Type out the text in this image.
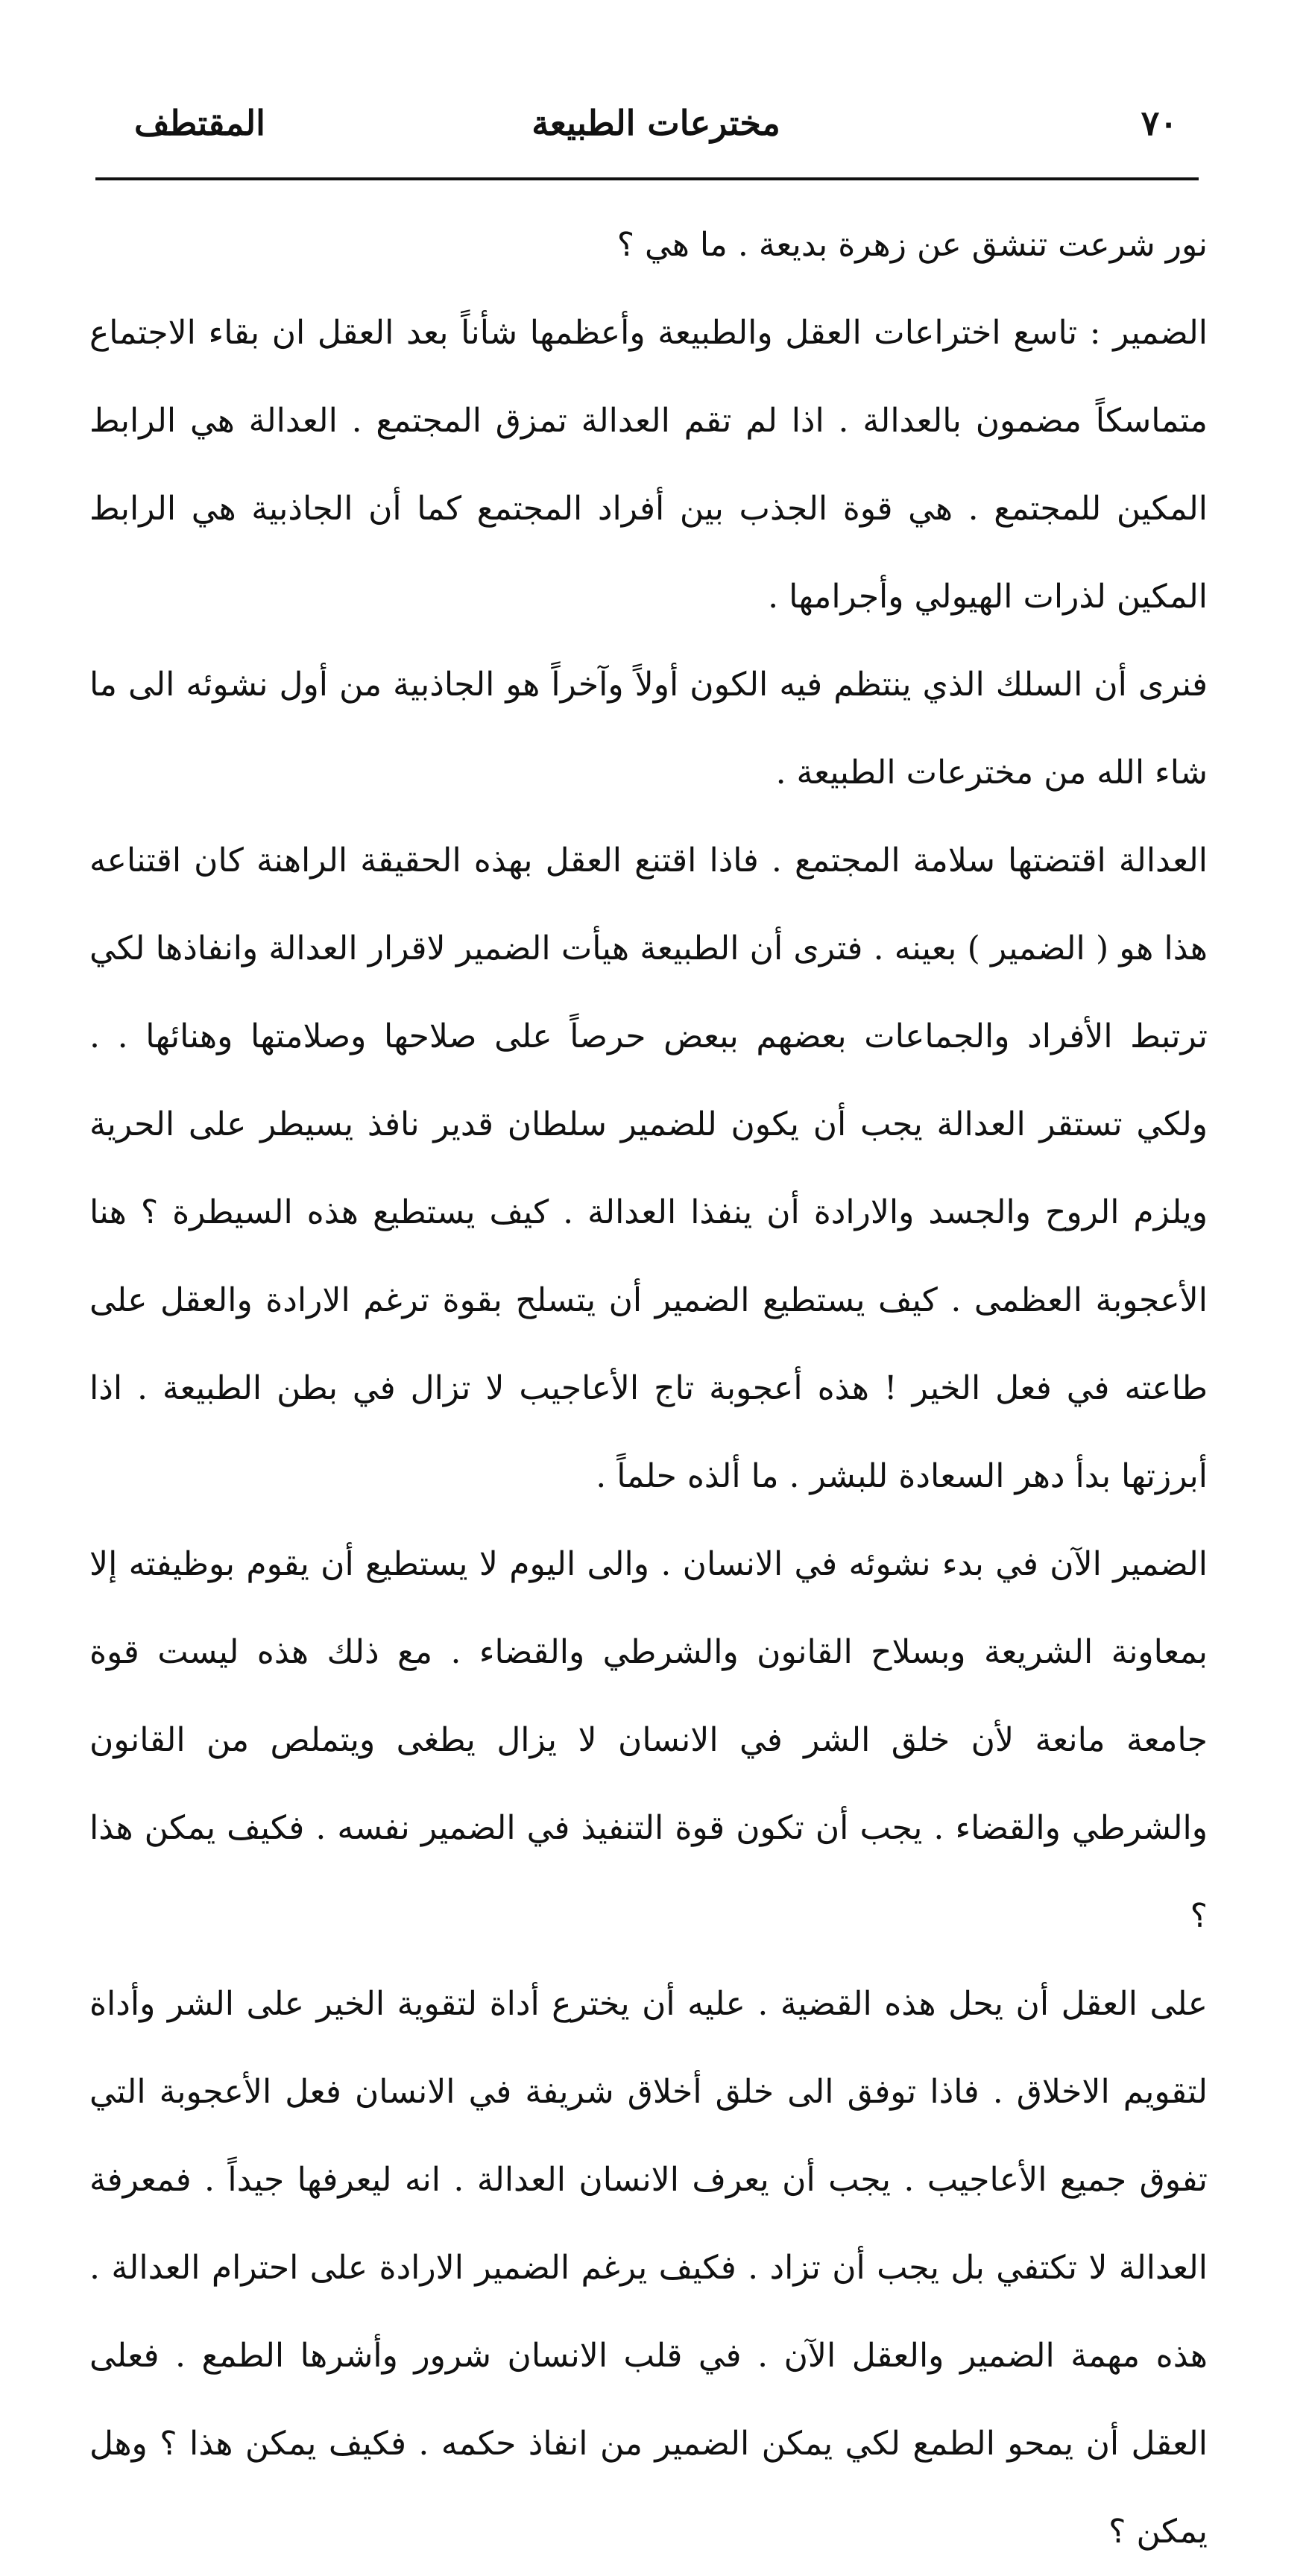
٧٠
مخترعات الطبيعة
المقتطف

نور شرعت تنشق عن زهرة بديعة . ما هي ؟

الضمير : تاسع اختراعات العقل والطبيعة وأعظمها شأناً بعد العقل ان بقاء الاجتماع متماسكاً مضمون بالعدالة . اذا لم تقم العدالة تمزق المجتمع . العدالة هي الرابط المكين للمجتمع . هي قوة الجذب بين أفراد المجتمع كما أن الجاذبية هي الرابط المكين لذرات الهيولي وأجرامها .

فنرى أن السلك الذي ينتظم فيه الكون أولاً وآخراً هو الجاذبية من أول نشوئه الى ما شاء الله من مخترعات الطبيعة .

العدالة اقتضتها سلامة المجتمع . فاذا اقتنع العقل بهذه الحقيقة الراهنة كان اقتناعه هذا هو ( الضمير ) بعينه . فترى أن الطبيعة هيأت الضمير لاقرار العدالة وانفاذها لكي ترتبط الأفراد والجماعات بعضهم ببعض حرصاً على صلاحها وصلامتها وهنائها . . ولكي تستقر العدالة يجب أن يكون للضمير سلطان قدير نافذ يسيطر على الحرية ويلزم الروح والجسد والارادة أن ينفذا العدالة . كيف يستطيع هذه السيطرة ؟ هنا الأعجوبة العظمى . كيف يستطيع الضمير أن يتسلح بقوة ترغم الارادة والعقل على طاعته في فعل الخير ! هذه أعجوبة تاج الأعاجيب لا تزال في بطن الطبيعة . اذا أبرزتها بدأ دهر السعادة للبشر . ما ألذه حلماً .

الضمير الآن في بدء نشوئه في الانسان . والى اليوم لا يستطيع أن يقوم بوظيفته إلا بمعاونة الشريعة وبسلاح القانون والشرطي والقضاء . مع ذلك هذه ليست قوة جامعة مانعة لأن خلق الشر في الانسان لا يزال يطغى ويتملص من القانون والشرطي والقضاء . يجب أن تكون قوة التنفيذ في الضمير نفسه . فكيف يمكن هذا ؟

على العقل أن يحل هذه القضية . عليه أن يخترع أداة لتقوية الخير على الشر وأداة لتقويم الاخلاق . فاذا توفق الى خلق أخلاق شريفة في الانسان فعل الأعجوبة التي تفوق جميع الأعاجيب . يجب أن يعرف الانسان العدالة . انه ليعرفها جيداً . فمعرفة العدالة لا تكتفي بل يجب أن تزاد . فكيف يرغم الضمير الارادة على احترام العدالة . هذه مهمة الضمير والعقل الآن . في قلب الانسان شرور وأشرها الطمع . فعلى العقل أن يمحو الطمع لكي يمكن الضمير من انفاذ حكمه . فكيف يمكن هذا ؟ وهل يمكن ؟
